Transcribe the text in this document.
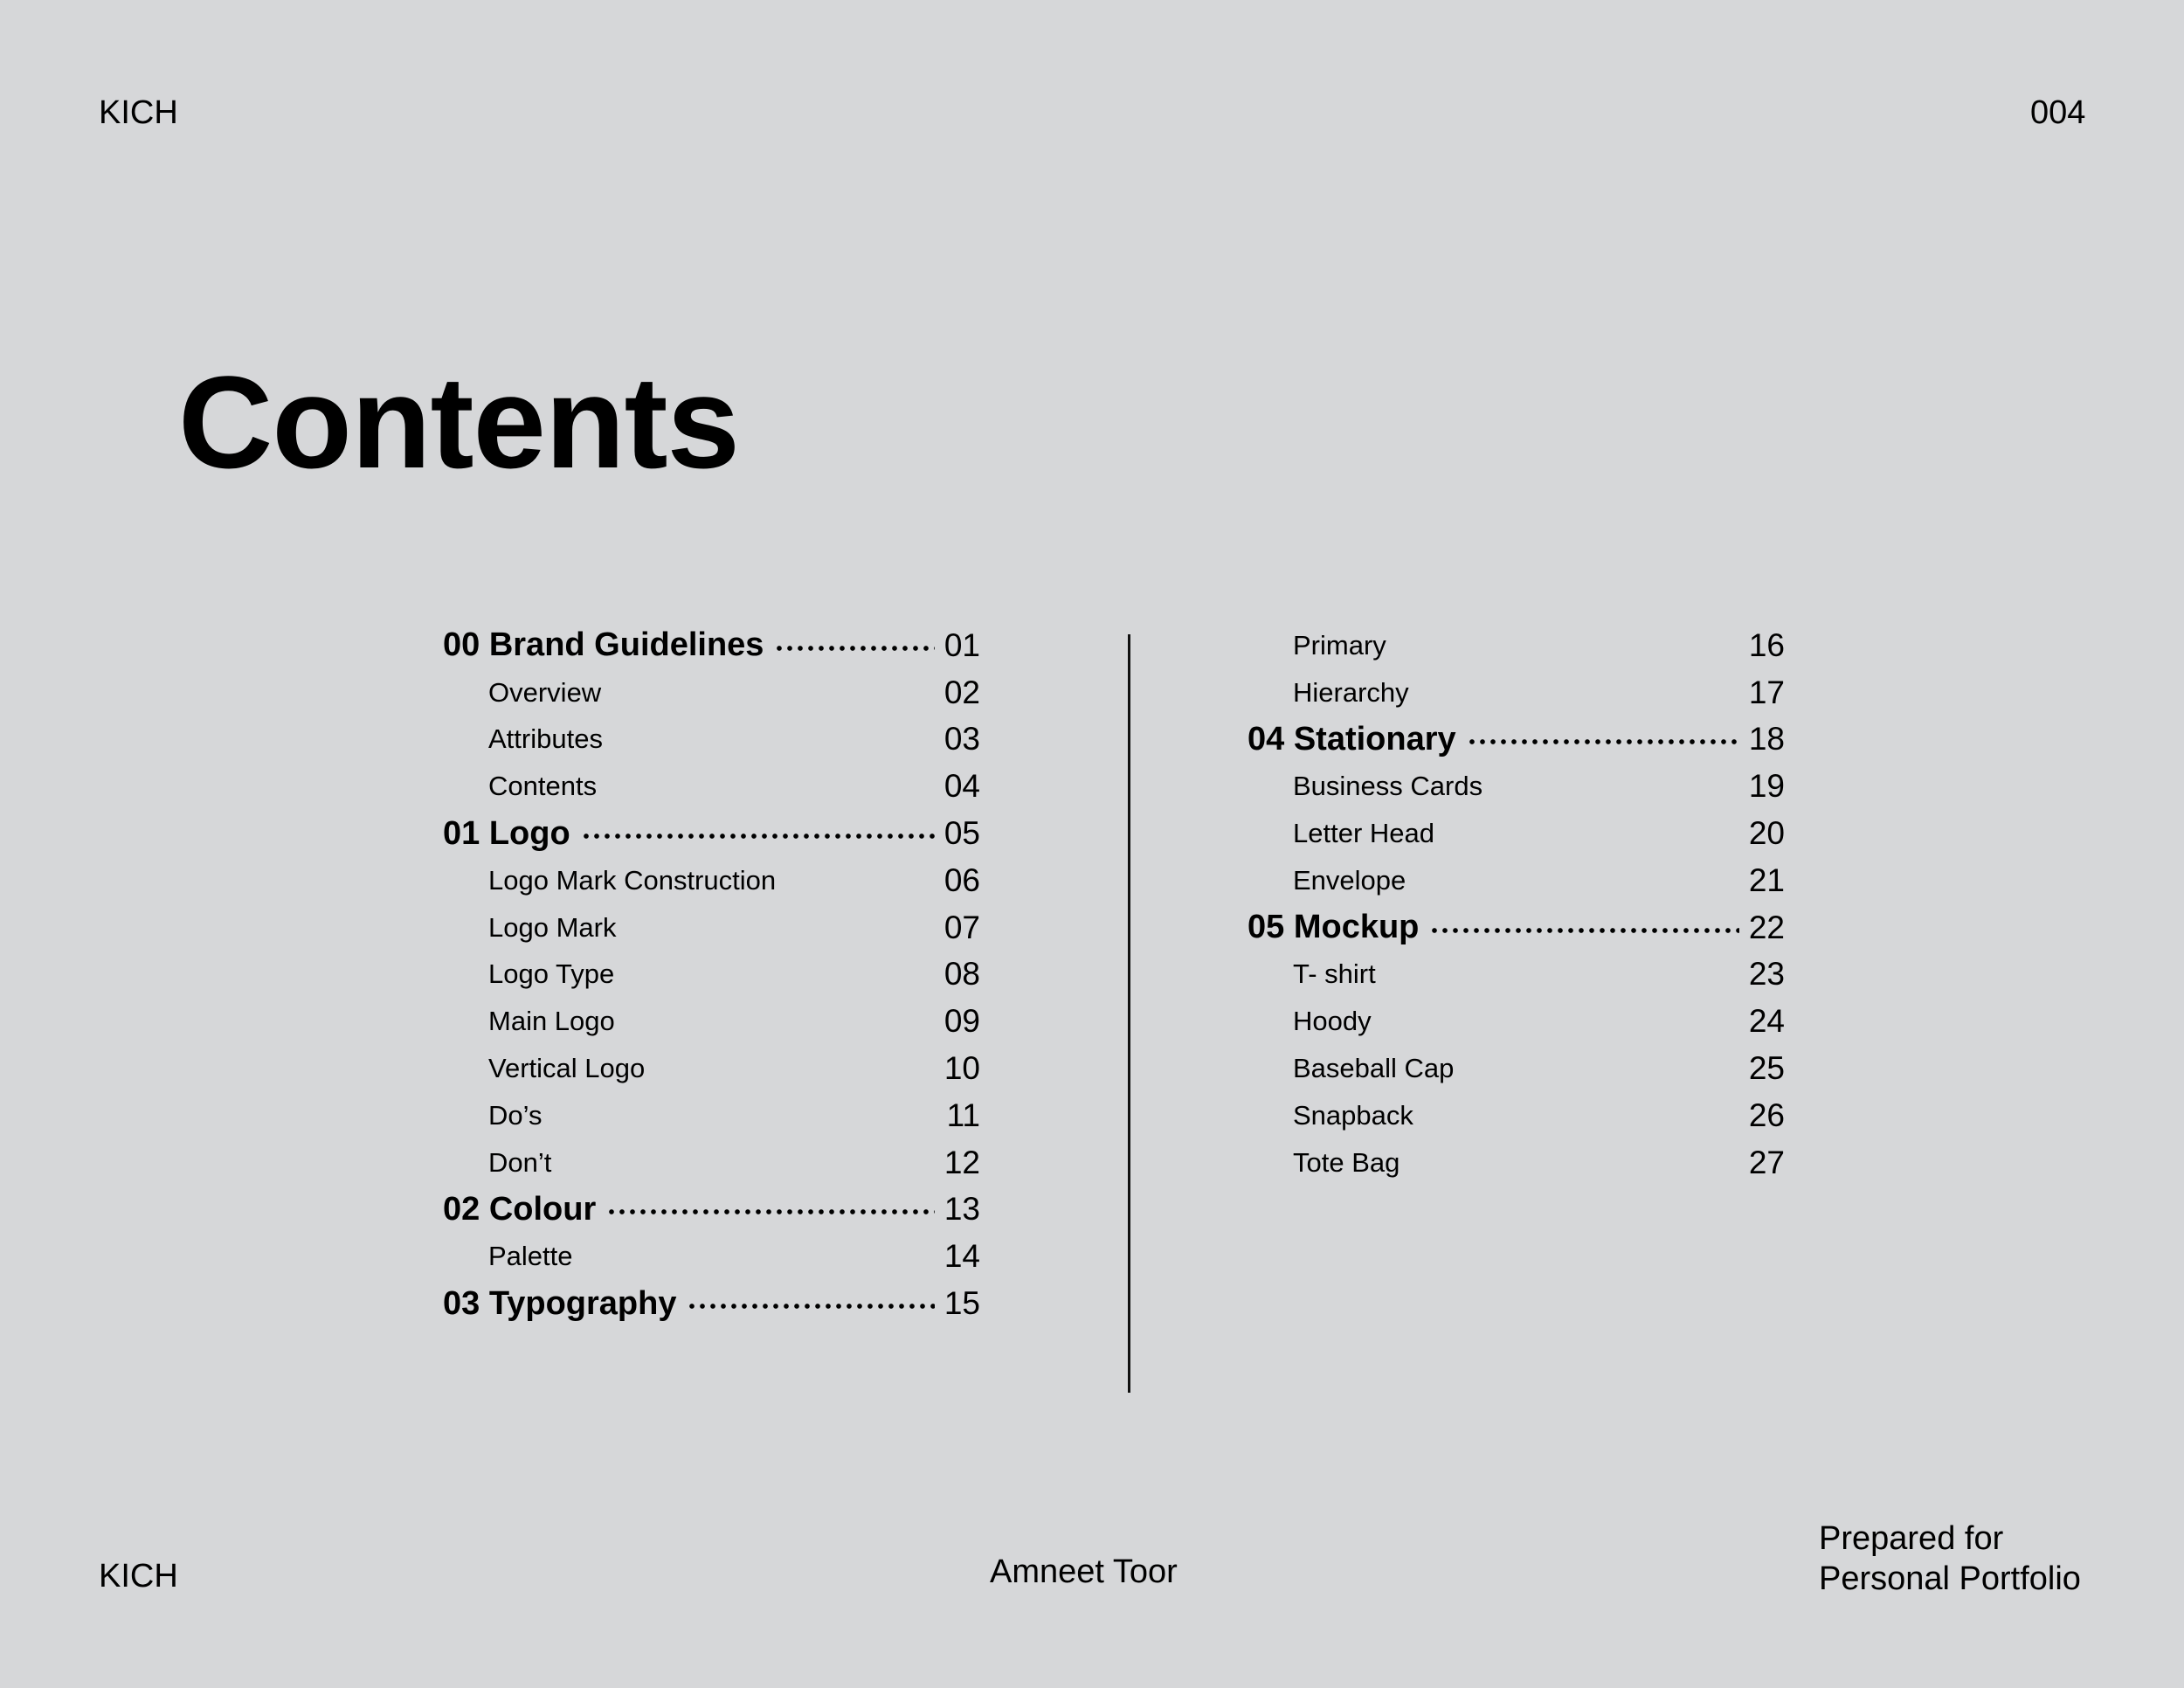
KICH	004
Contents
00 Brand Guidelines	01
Overview	02
Attributes	03
Contents	04
01 Logo	05
Logo Mark Construction	06
Logo Mark	07
Logo Type	08
Main Logo	09
Vertical Logo	10
Do’s	11
Don’t	12
02 Colour	13
Palette	14
03 Typography	15
Primary	16
Hierarchy	17
04 Stationary	18
Business Cards	19
Letter Head	20
Envelope	21
05 Mockup	22
T- shirt	23
Hoody	24
Baseball Cap	25
Snapback	26
Tote Bag	27
KICH	Amneet Toor
Prepared for
Personal Portfolio
